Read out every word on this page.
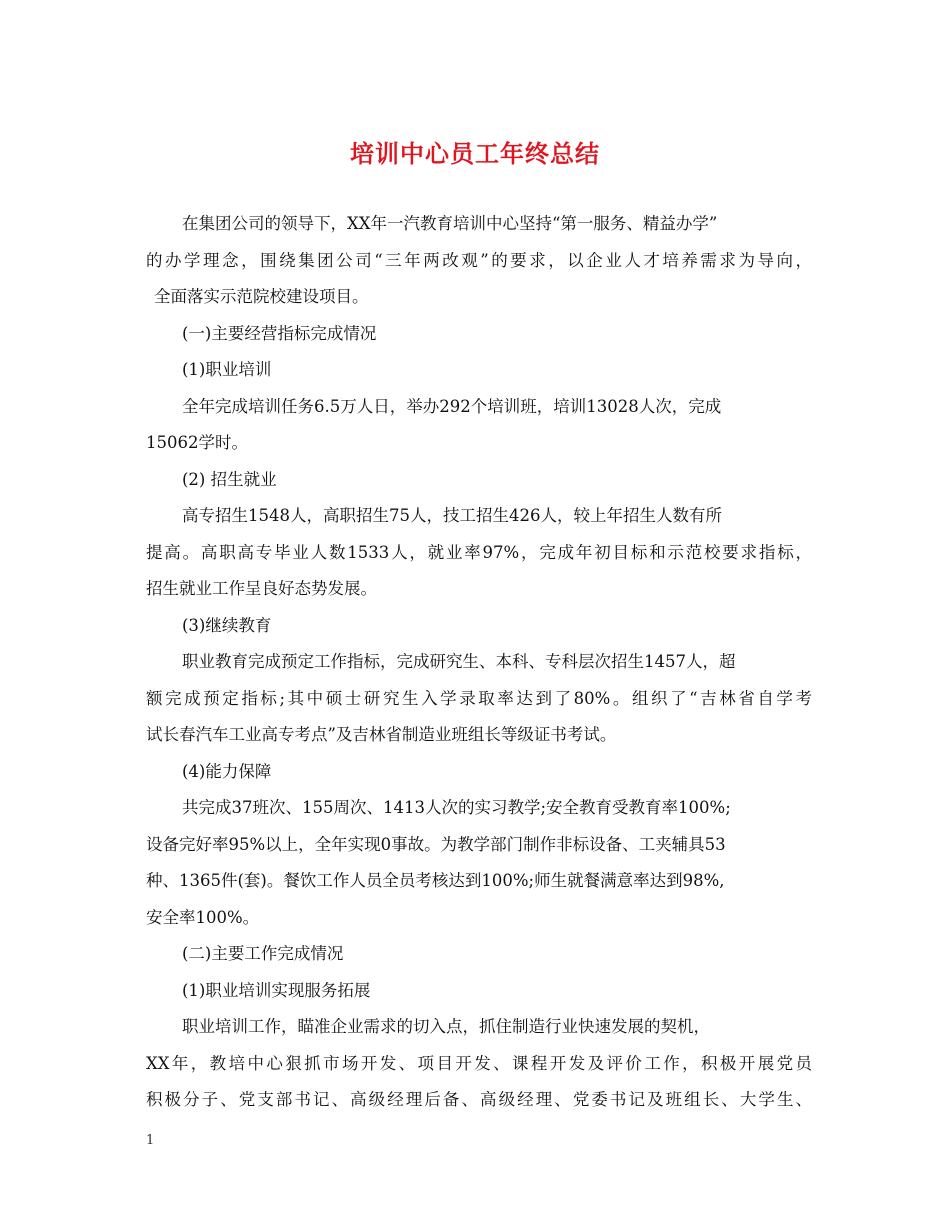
培训中心员工年终总结

在集团公司的领导下，XX年一汽教育培训中心坚持“第一服务、精益办学”

的办学理念，围绕集团公司“三年两改观”的要求，以企业人才培养需求为导向，

全面落实示范院校建设项目。

(一)主要经营指标完成情况

(1)职业培训

全年完成培训任务6.5万人日，举办292个培训班，培训13028人次，完成

15062学时。

(2) 招生就业

高专招生1548人，高职招生75人，技工招生426人，较上年招生人数有所

提高。高职高专毕业人数1533人，就业率97%，完成年初目标和示范校要求指标，

招生就业工作呈良好态势发展。

(3)继续教育

职业教育完成预定工作指标，完成研究生、本科、专科层次招生1457人，超

额完成预定指标;其中硕士研究生入学录取率达到了80%。组织了“吉林省自学考

试长春汽车工业高专考点”及吉林省制造业班组长等级证书考试。

(4)能力保障

共完成37班次、155周次、1413人次的实习教学;安全教育受教育率100%;

设备完好率95%以上，全年实现0事故。为教学部门制作非标设备、工夹辅具53

种、1365件(套)。餐饮工作人员全员考核达到100%;师生就餐满意率达到98%,

安全率100%。

(二)主要工作完成情况

(1)职业培训实现服务拓展

职业培训工作，瞄准企业需求的切入点，抓住制造行业快速发展的契机，

XX年，教培中心狠抓市场开发、项目开发、课程开发及评价工作，积极开展党员

积极分子、党支部书记、高级经理后备、高级经理、党委书记及班组长、大学生、

1
